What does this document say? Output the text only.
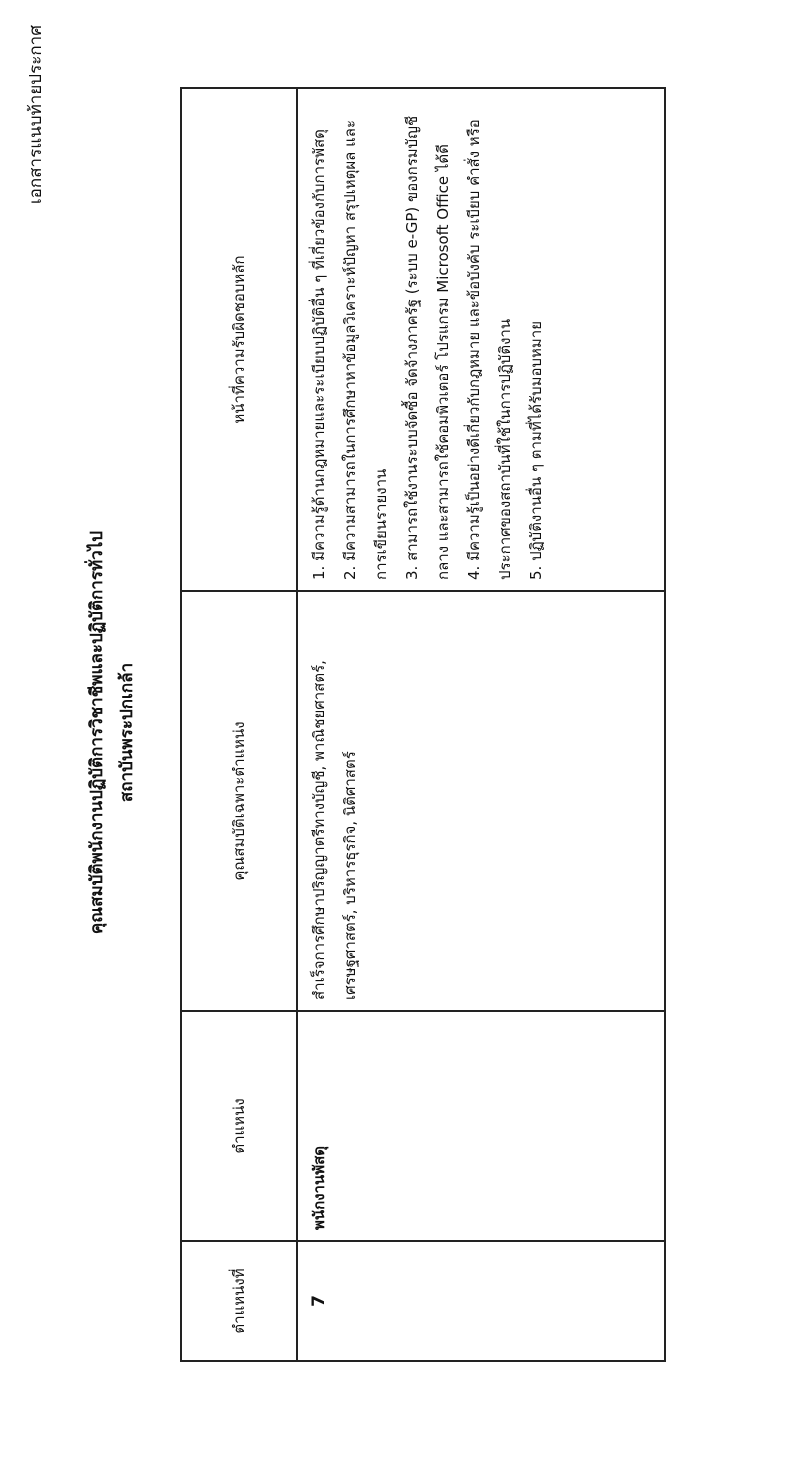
เอกสารแนบท้ายประกาศ
คุณสมบัติพนักงานปฏิบัติการวิชาชีพและปฏิบัติการทั่วไป สถาบันพระปกเกล้า
ตำแหน่งที่	ตำแหน่ง	คุณสมบัติเฉพาะตำแหน่ง	หน้าที่ความรับผิดชอบหลัก
7	พนักงานพัสดุ	สำเร็จการศึกษาปริญญาตรีทางบัญชี, พาณิชยศาสตร์, เศรษฐศาสตร์, บริหารธุรกิจ, นิติศาสตร์	1. มีความรู้ด้านกฎหมายและระเบียบปฏิบัติอื่น ๆ ที่เกี่ยวข้องกับการพัสดุ 2. มีความสามารถในการศึกษาหาข้อมูลวิเคราะห์ปัญหา สรุปเหตุผล และการเขียนรายงาน 3. สามารถใช้งานระบบจัดซื้อ จัดจ้างภาครัฐ (ระบบ e-GP) ของกรมบัญชีกลาง และสามารถใช้คอมพิวเตอร์ โปรแกรม Microsoft Office ได้ดี 4. มีความรู้เป็นอย่างดีเกี่ยวกับกฎหมาย และข้อบังคับ ระเบียบ คำสั่ง หรือประกาศของสถาบันที่ใช้ในการปฏิบัติงาน 5. ปฏิบัติงานอื่น ๆ ตามที่ได้รับมอบหมาย
